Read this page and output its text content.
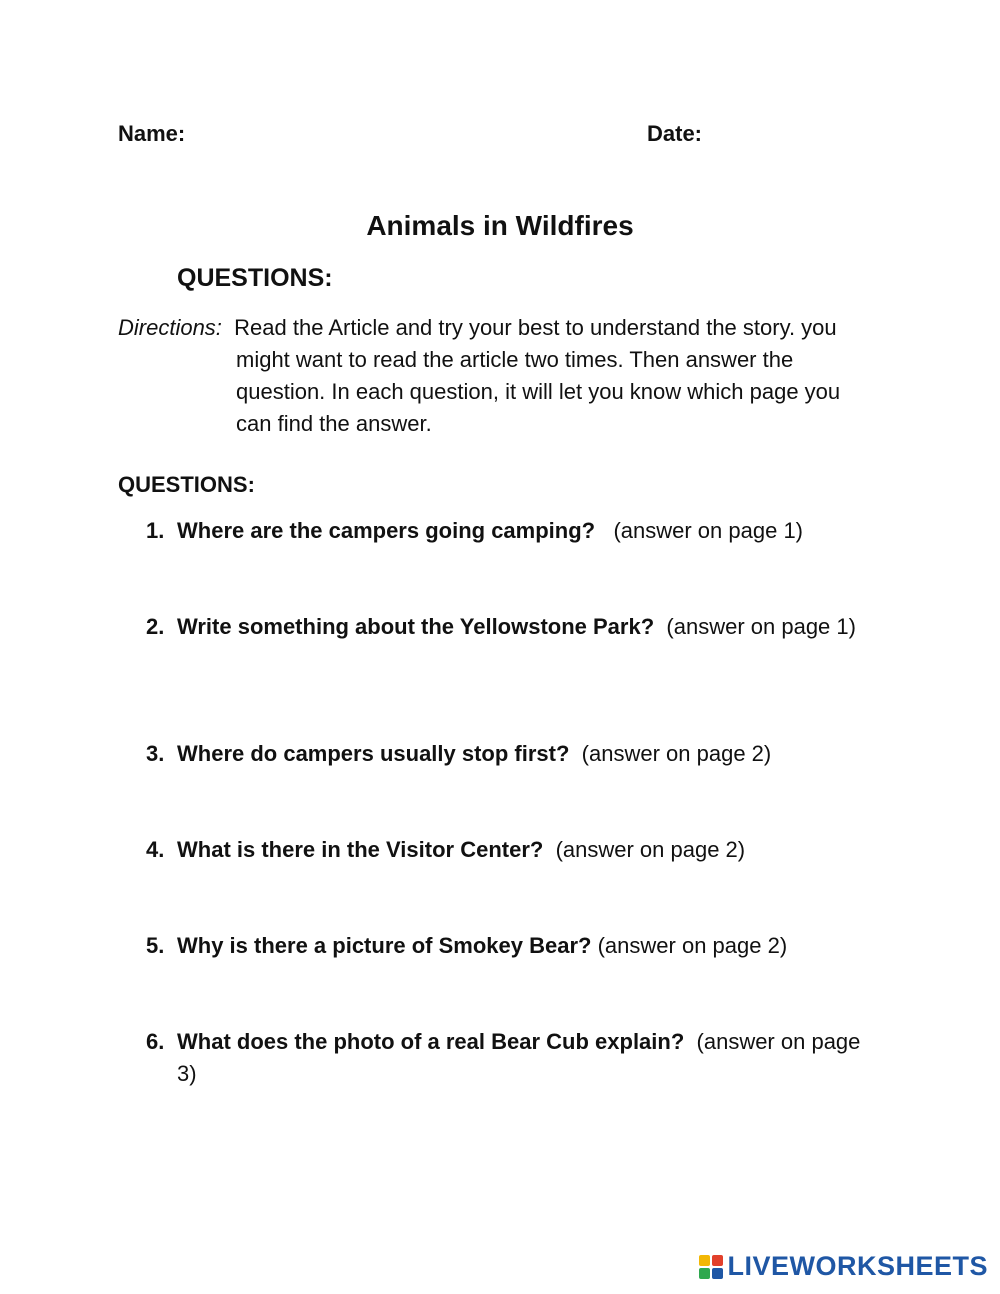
Name:	Date:
Animals in Wildfires
QUESTIONS:
Directions: Read the Article and try your best to understand the story. you might want to read the article two times. Then answer the question. In each question, it will let you know which page you can find the answer.
QUESTIONS:
1. Where are the campers going camping? (answer on page 1)
2. Write something about the Yellowstone Park? (answer on page 1)
3. Where do campers usually stop first? (answer on page 2)
4. What is there in the Visitor Center? (answer on page 2)
5. Why is there a picture of Smokey Bear? (answer on page 2)
6. What does the photo of a real Bear Cub explain? (answer on page 3)
LIVEWORKSHEETS
